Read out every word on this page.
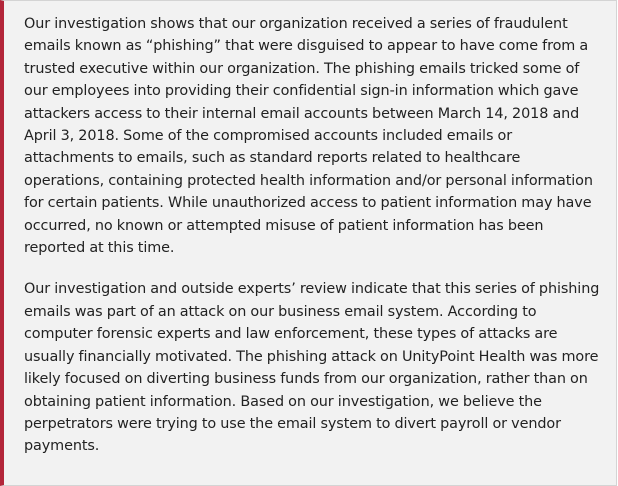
Our investigation shows that our organization received a series of fraudulent emails known as “phishing” that were disguised to appear to have come from a trusted executive within our organization. The phishing emails tricked some of our employees into providing their confidential sign-in information which gave attackers access to their internal email accounts between March 14, 2018 and April 3, 2018. Some of the compromised accounts included emails or attachments to emails, such as standard reports related to healthcare operations, containing protected health information and/or personal information for certain patients. While unauthorized access to patient information may have occurred, no known or attempted misuse of patient information has been reported at this time.

Our investigation and outside experts’ review indicate that this series of phishing emails was part of an attack on our business email system. According to computer forensic experts and law enforcement, these types of attacks are usually financially motivated. The phishing attack on UnityPoint Health was more likely focused on diverting business funds from our organization, rather than on obtaining patient information. Based on our investigation, we believe the perpetrators were trying to use the email system to divert payroll or vendor payments.
